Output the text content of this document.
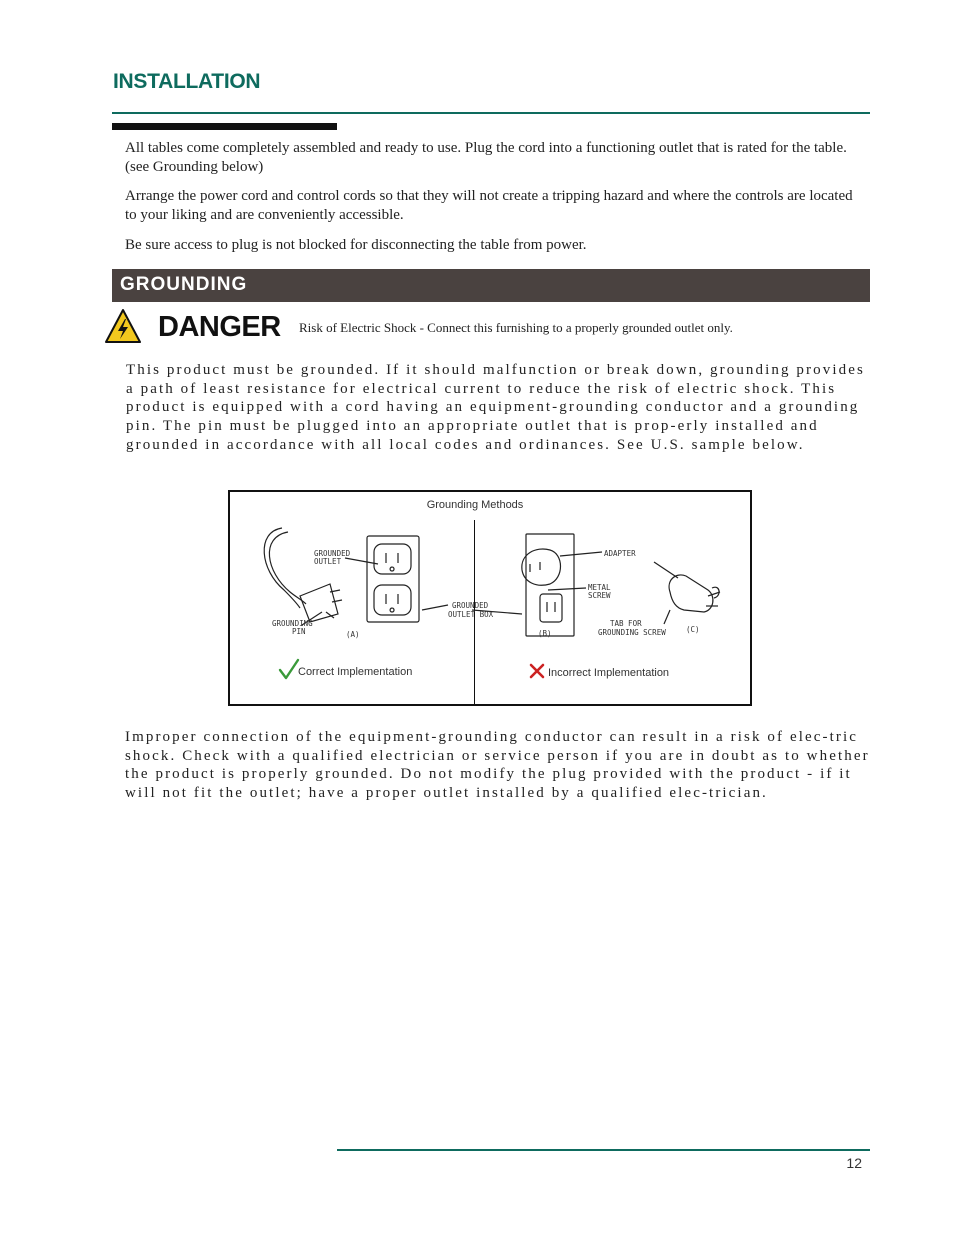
INSTALLATION
All tables come completely assembled and ready to use. Plug the cord into a functioning outlet that is rated for the table. (see Grounding below)
Arrange the power cord and control cords so that they will not create a tripping hazard and where the controls are located to your liking and are conveniently accessible.
Be sure access to plug is not blocked for disconnecting the table from power.
GROUNDING
DANGER Risk of Electric Shock - Connect this furnishing to a properly grounded outlet only.
This product must be grounded. If it should malfunction or break down, grounding provides a path of least resistance for electrical current to reduce the risk of electric shock. This product is equipped with a cord having an equipment-grounding conductor and a grounding pin. The pin must be plugged into an appropriate outlet that is prop-erly installed and grounded in accordance with all local codes and ordinances. See U.S. sample below.
Grounding Methods
GROUNDED
OUTLET
GROUNDING
PIN	(A)
GROUNDED
OUTLET BOX
ADAPTER
METAL
SCREW
(B)
TAB FOR
GROUNDING SCREW	(C)
Correct Implementation	Incorrect Implementation
Improper connection of the equipment-grounding conductor can result in a risk of elec-tric shock. Check with a qualified electrician or service person if you are in doubt as to whether the product is properly grounded. Do not modify the plug provided with the product - if it will not fit the outlet; have a proper outlet installed by a qualified elec-trician.
12
